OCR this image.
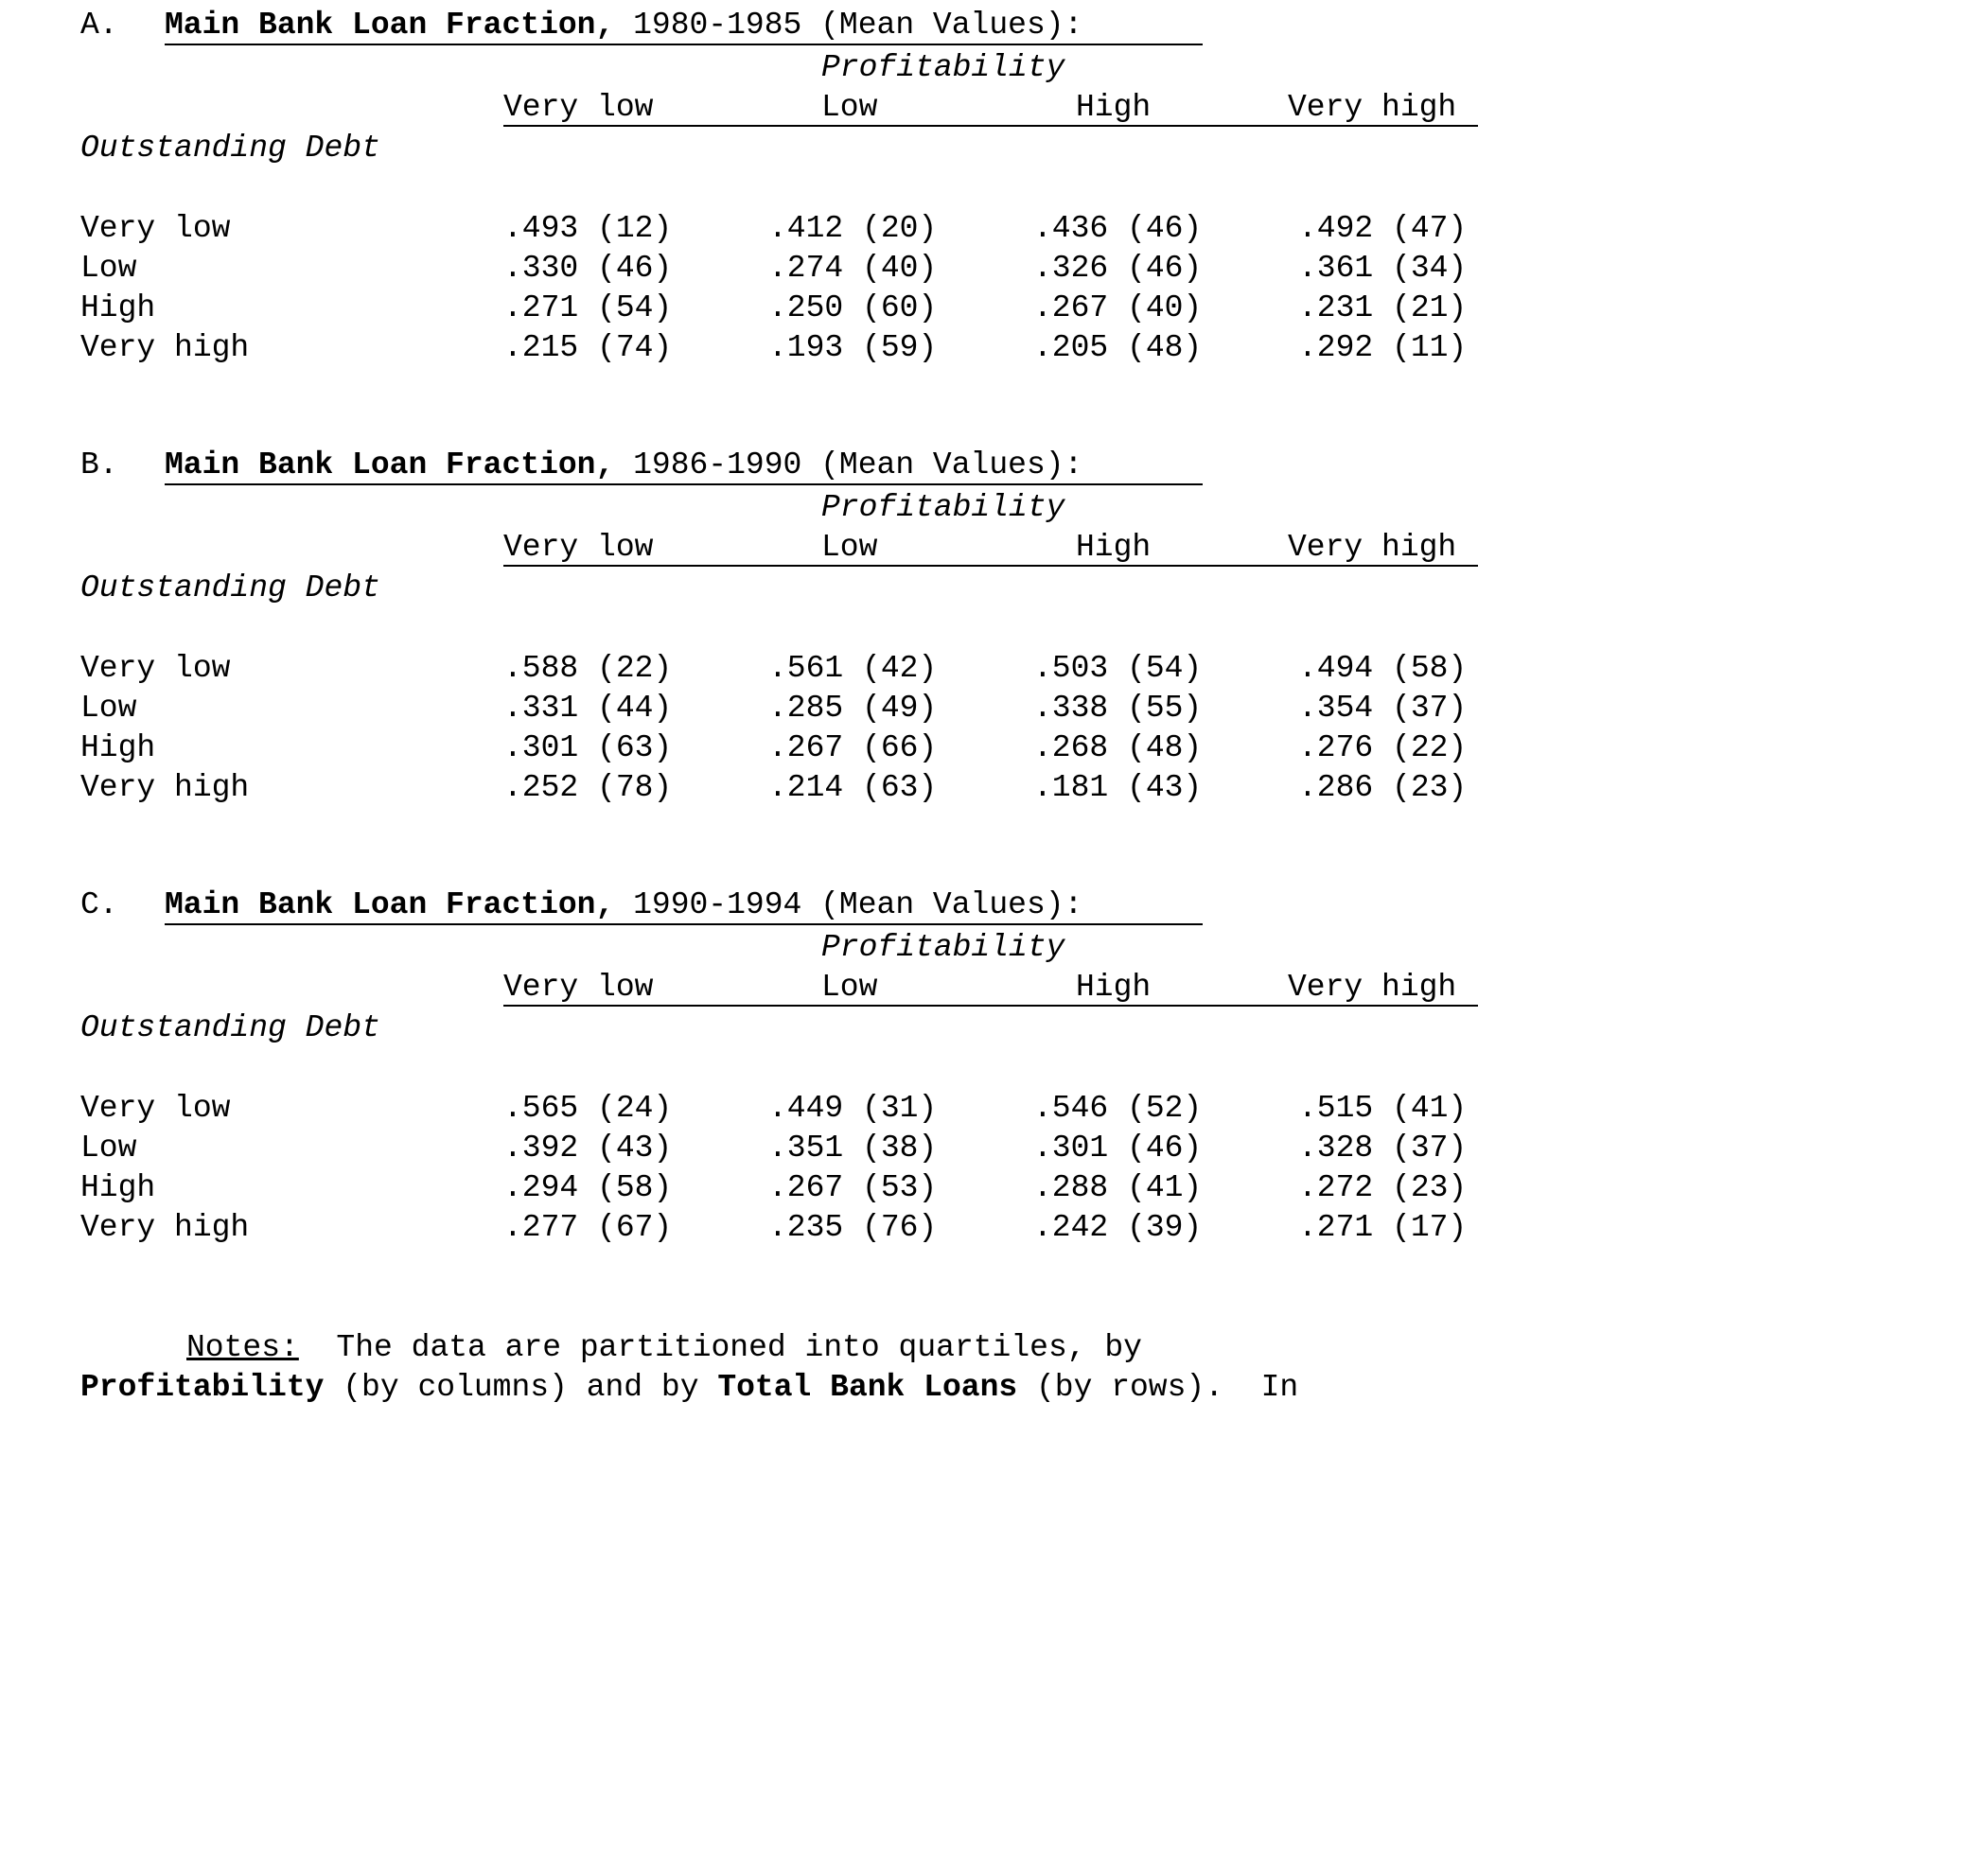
A. Main Bank Loan Fraction, 1980-1985 (Mean Values):
Profitability
Very low	Low	High	Very high
Outstanding Debt
Very low	.493 (12)	.412 (20)	.436 (46)	.492 (47)
Low	.330 (46)	.274 (40)	.326 (46)	.361 (34)
High	.271 (54)	.250 (60)	.267 (40)	.231 (21)
Very high	.215 (74)	.193 (59)	.205 (48)	.292 (11)
B. Main Bank Loan Fraction, 1986-1990 (Mean Values):
Profitability
Very low	Low	High	Very high
Outstanding Debt
Very low	.588 (22)	.561 (42)	.503 (54)	.494 (58)
Low	.331 (44)	.285 (49)	.338 (55)	.354 (37)
High	.301 (63)	.267 (66)	.268 (48)	.276 (22)
Very high	.252 (78)	.214 (63)	.181 (43)	.286 (23)
C. Main Bank Loan Fraction, 1990-1994 (Mean Values):
Profitability
Very low	Low	High	Very high
Outstanding Debt
Very low	.565 (24)	.449 (31)	.546 (52)	.515 (41)
Low	.392 (43)	.351 (38)	.301 (46)	.328 (37)
High	.294 (58)	.267 (53)	.288 (41)	.272 (23)
Very high	.277 (67)	.235 (76)	.242 (39)	.271 (17)
Notes:  The data are partitioned into quartiles, by
Profitability (by columns) and by Total Bank Loans (by rows).  In
